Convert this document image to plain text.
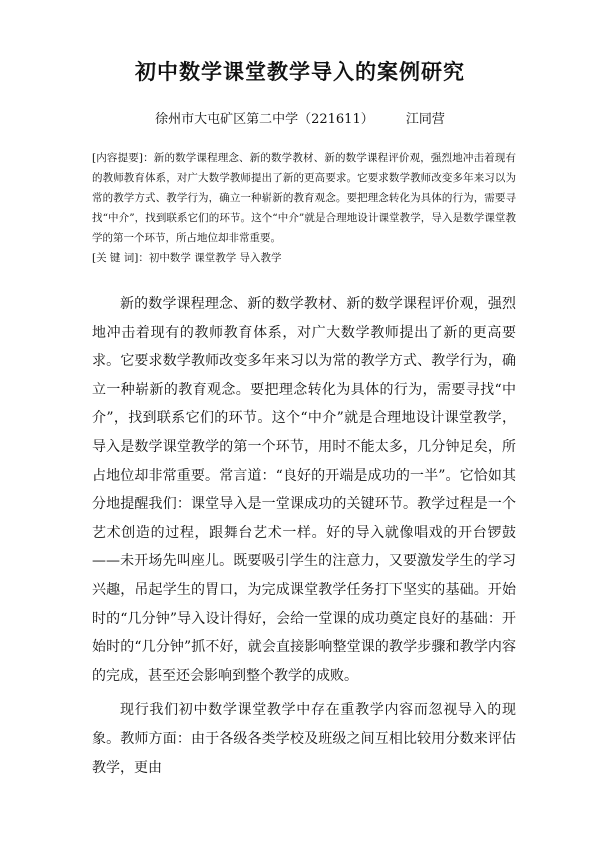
初中数学课堂教学导入的案例研究
徐州市大屯矿区第二中学（221611） 江同营

[内容提要]：新的数学课程理念、新的数学教材、新的数学课程评价观，强烈地冲击着现有的教师教育体系，对广大数学教师提出了新的更高要求。它要求数学教师改变多年来习以为常的教学方式、教学行为，确立一种崭新的教育观念。要把理念转化为具体的行为，需要寻找“中介”，找到联系它们的环节。这个“中介”就是合理地设计课堂教学，导入是数学课堂教学的第一个环节，所占地位却非常重要。

[关 键 词]：初中数学 课堂教学 导入教学

新的数学课程理念、新的数学教材、新的数学课程评价观，强烈地冲击着现有的教师教育体系，对广大数学教师提出了新的更高要求。它要求数学教师改变多年来习以为常的教学方式、教学行为，确立一种崭新的教育观念。要把理念转化为具体的行为，需要寻找“中介”，找到联系它们的环节。这个“中介”就是合理地设计课堂教学，导入是数学课堂教学的第一个环节，用时不能太多，几分钟足矣，所占地位却非常重要。常言道：“良好的开端是成功的一半”。它恰如其分地提醒我们：课堂导入是一堂课成功的关键环节。教学过程是一个艺术创造的过程，跟舞台艺术一样。好的导入就像唱戏的开台锣鼓——未开场先叫座儿。既要吸引学生的注意力，又要激发学生的学习兴趣，吊起学生的胃口，为完成课堂教学任务打下坚实的基础。开始时的“几分钟”导入设计得好，会给一堂课的成功奠定良好的基础：开始时的“几分钟”抓不好，就会直接影响整堂课的教学步骤和教学内容的完成，甚至还会影响到整个教学的成败。

现行我们初中数学课堂教学中存在重教学内容而忽视导入的现象。教师方面：由于各级各类学校及班级之间互相比较用分数来评估教学，更由
